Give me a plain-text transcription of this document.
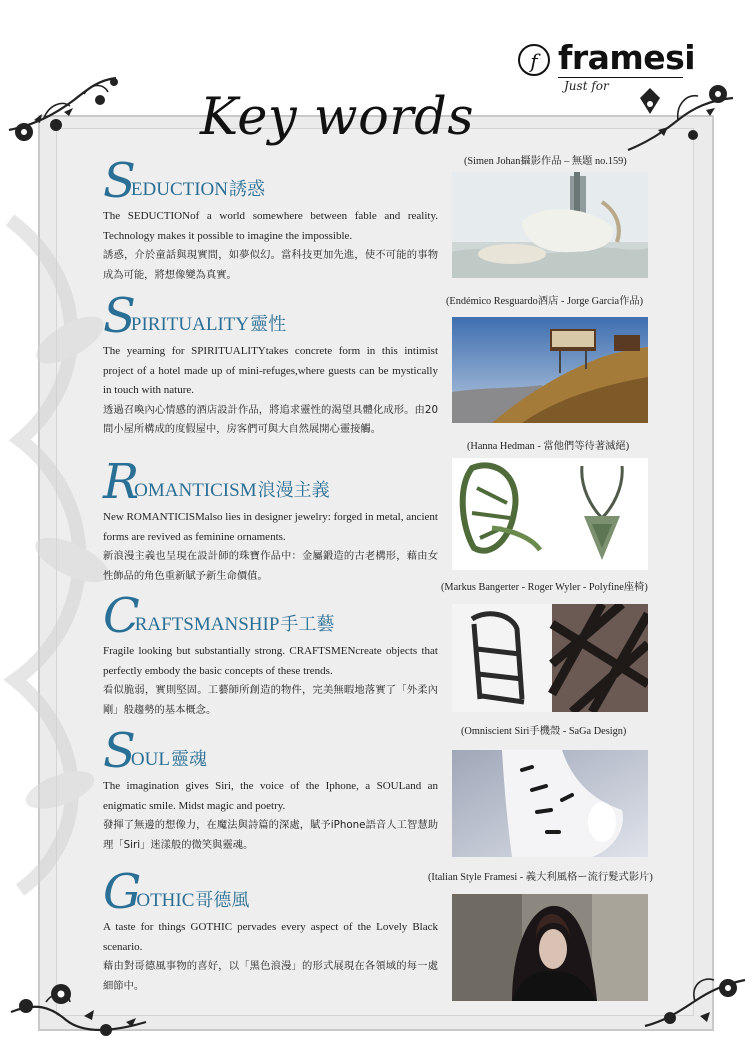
f framesi
Just for
Key words
SEDUCTION誘惑

The SEDUCTIONof a world somewhere between fable and reality. Technology makes it possible to imagine the impossible.

誘惑，介於童話與現實間，如夢似幻。當科技更加先進，使不可能的事物成為可能，將想像變為真實。

(Simen Johan攝影作品 – 無題 no.159)
SPIRITUALITY靈性

The yearning for SPIRITUALITYtakes concrete form in this intimist project of a hotel made up of mini-refuges,where guests can be mystically in touch with nature.

透過召喚內心情感的酒店設計作品，將追求靈性的渴望具體化成形。由20間小屋所構成的度假屋中，房客們可與大自然展開心靈接觸。

(Endémico Resguardo酒店 - Jorge Garcia作品)
ROMANTICISM浪漫主義

New ROMANTICISMalso lies in designer jewelry: forged in metal, ancient forms are revived as feminine ornaments.

新浪漫主義也呈現在設計師的珠寶作品中：金屬鍛造的古老構形，藉由女性飾品的角色重新賦予新生命價值。

(Hanna Hedman - 當他們等待著滅絕)
CRAFTSMANSHIP手工藝

Fragile looking but substantially strong. CRAFTSMENcreate objects that perfectly embody the basic concepts of these trends.

看似脆弱，實則堅固。工藝師所創造的物件，完美無暇地落實了「外柔內剛」般趨勢的基本概念。

(Markus Bangerter - Roger Wyler - Polyfine座椅)
SOUL靈魂

The imagination gives Siri, the voice of the Iphone, a SOULand an enigmatic smile. Midst magic and poetry.

發揮了無邊的想像力，在魔法與詩篇的深處，賦予iPhone語音人工智慧助理「Siri」迷漾般的微笑與靈魂。

(Omniscient Siri手機殼 - SaGa Design)
GOTHIC哥德風

A taste for things GOTHIC pervades every aspect of the Lovely Black scenario.

藉由對哥德風事物的喜好，以「黑色浪漫」的形式展現在各領域的每一處細節中。

(Italian Style Framesi - 義大利風格ー流行髮式影片)
